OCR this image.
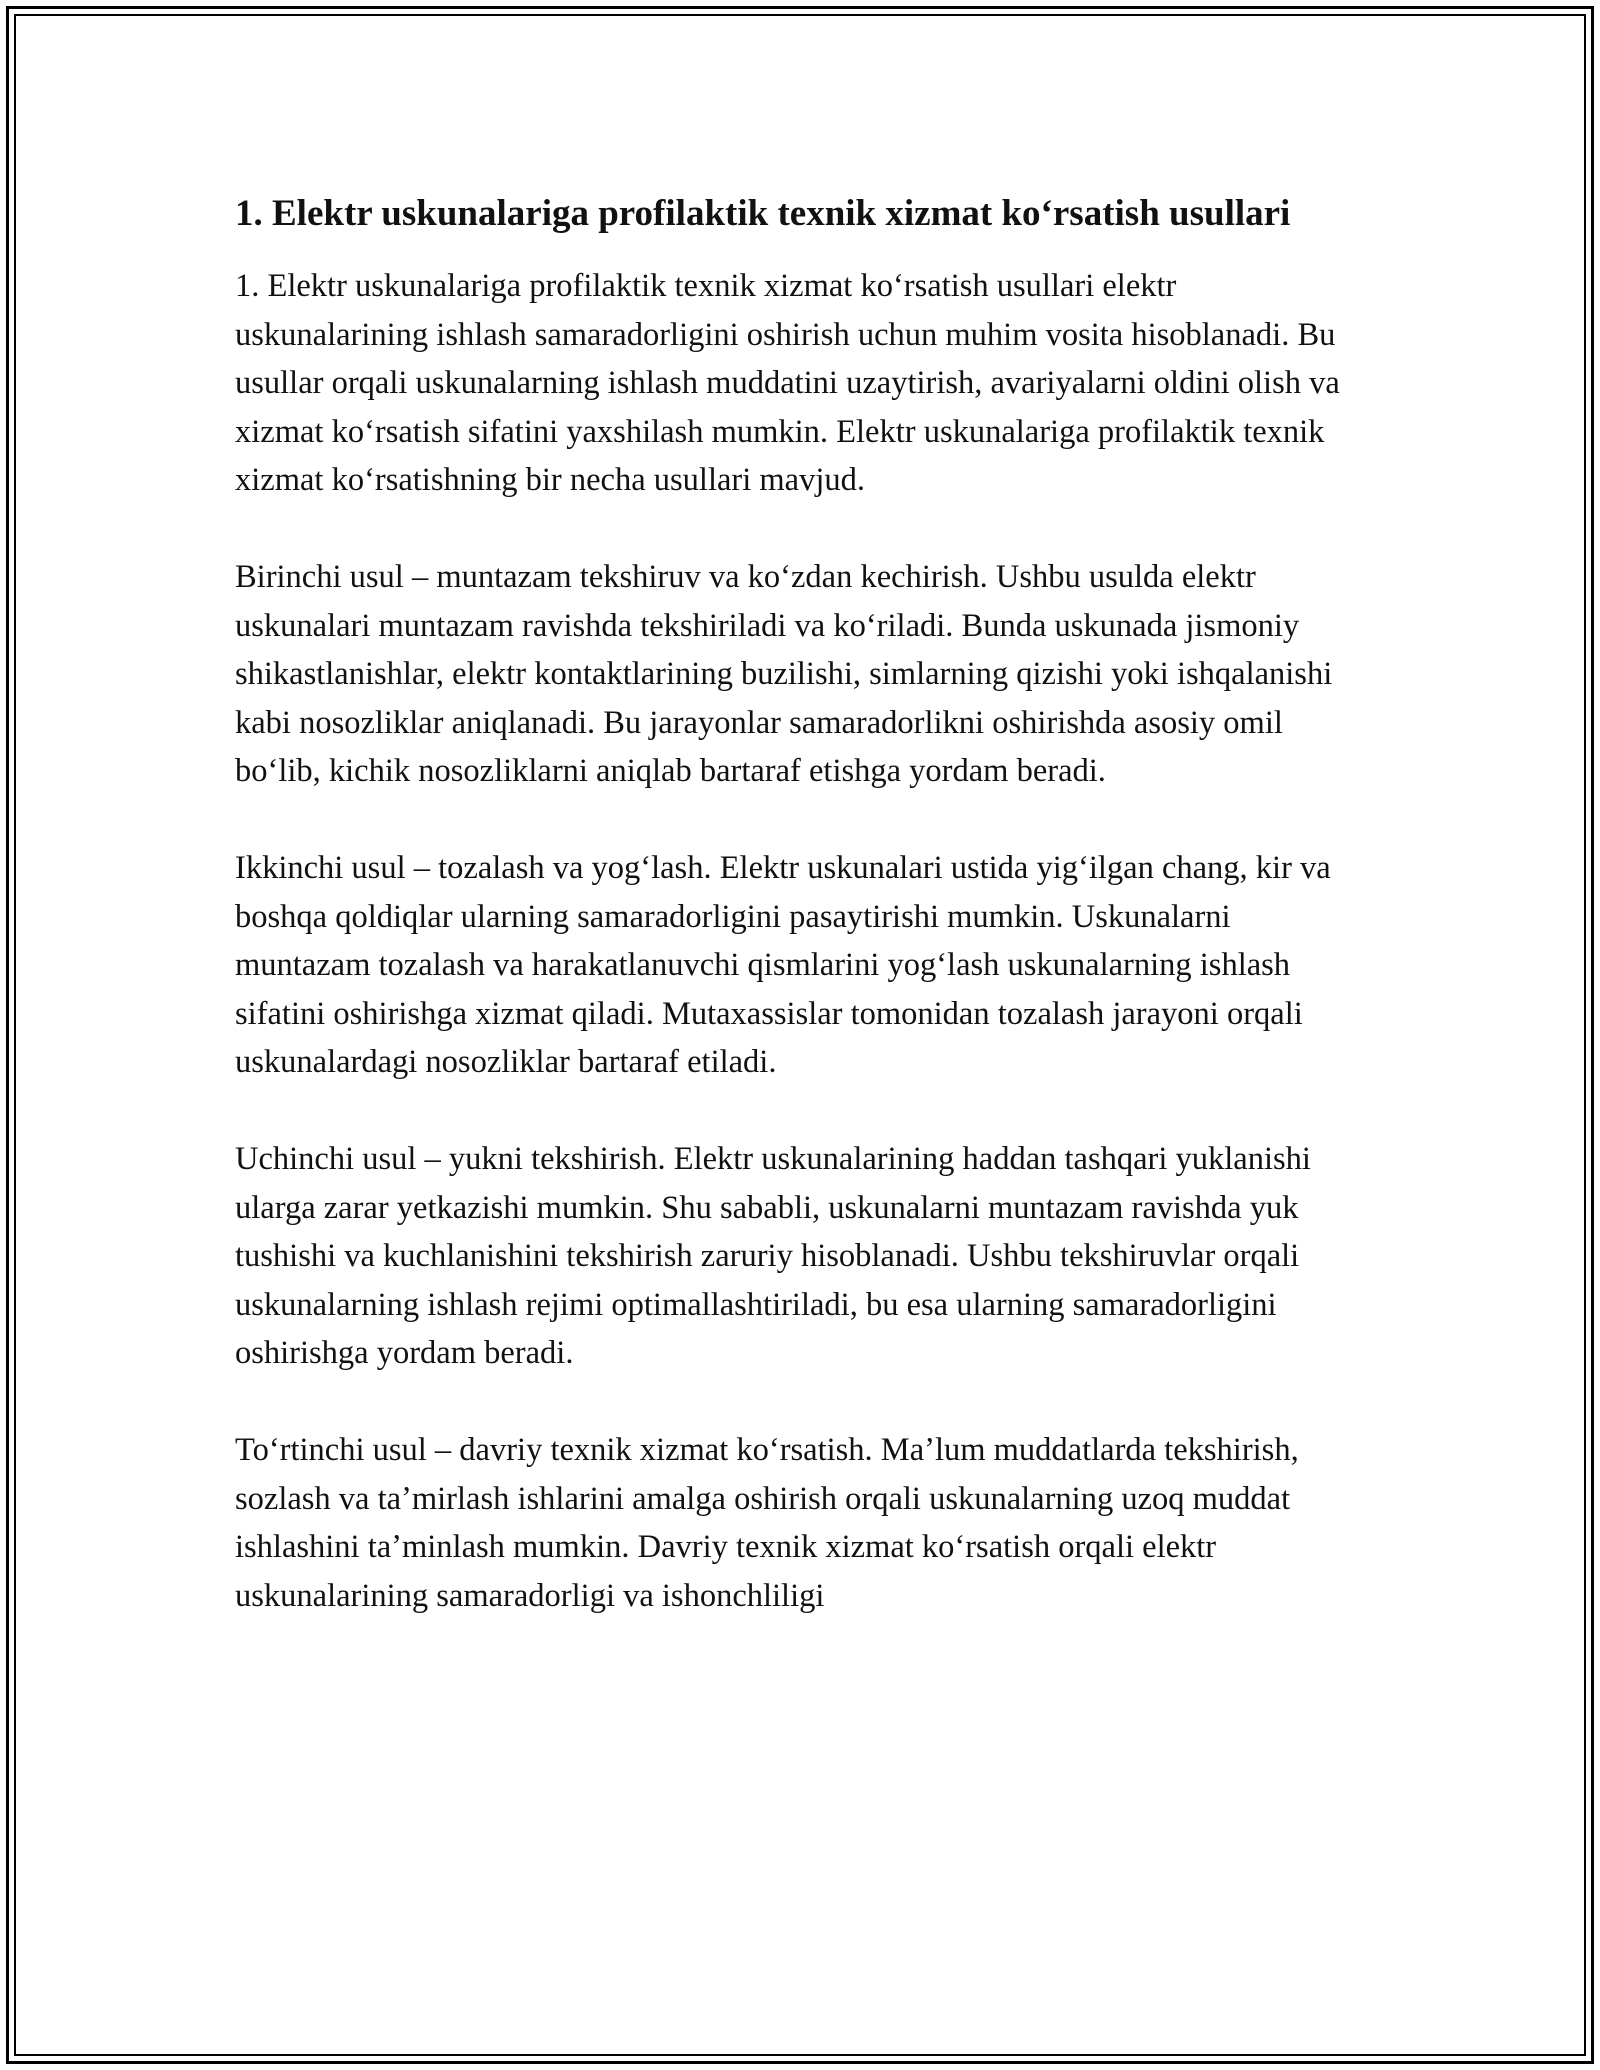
1. Elektr uskunalariga profilaktik texnik xizmat koʻrsatish usullari

1. Elektr uskunalariga profilaktik texnik xizmat koʻrsatish usullari elektr uskunalarining ishlash samaradorligini oshirish uchun muhim vosita hisoblanadi. Bu usullar orqali uskunalarning ishlash muddatini uzaytirish, avariyalarni oldini olish va xizmat koʻrsatish sifatini yaxshilash mumkin. Elektr uskunalariga profilaktik texnik xizmat koʻrsatishning bir necha usullari mavjud.

Birinchi usul – muntazam tekshiruv va koʻzdan kechirish. Ushbu usulda elektr uskunalari muntazam ravishda tekshiriladi va koʻriladi. Bunda uskunada jismoniy shikastlanishlar, elektr kontaktlarining buzilishi, simlarning qizishi yoki ishqalanishi kabi nosozliklar aniqlanadi. Bu jarayonlar samaradorlikni oshirishda asosiy omil boʻlib, kichik nosozliklarni aniqlab bartaraf etishga yordam beradi.

Ikkinchi usul – tozalash va yogʻlash. Elektr uskunalari ustida yigʻilgan chang, kir va boshqa qoldiqlar ularning samaradorligini pasaytirishi mumkin. Uskunalarni muntazam tozalash va harakatlanuvchi qismlarini yogʻlash uskunalarning ishlash sifatini oshirishga xizmat qiladi. Mutaxassislar tomonidan tozalash jarayoni orqali uskunalardagi nosozliklar bartaraf etiladi.

Uchinchi usul – yukni tekshirish. Elektr uskunalarining haddan tashqari yuklanishi ularga zarar yetkazishi mumkin. Shu sababli, uskunalarni muntazam ravishda yuk tushishi va kuchlanishini tekshirish zaruriy hisoblanadi. Ushbu tekshiruvlar orqali uskunalarning ishlash rejimi optimallashtiriladi, bu esa ularning samaradorligini oshirishga yordam beradi.

Toʻrtinchi usul – davriy texnik xizmat koʻrsatish. Maʼlum muddatlarda tekshirish, sozlash va taʼmirlash ishlarini amalga oshirish orqali uskunalarning uzoq muddat ishlashini taʼminlash mumkin. Davriy texnik xizmat koʻrsatish orqali elektr uskunalarining samaradorligi va ishonchliligi
